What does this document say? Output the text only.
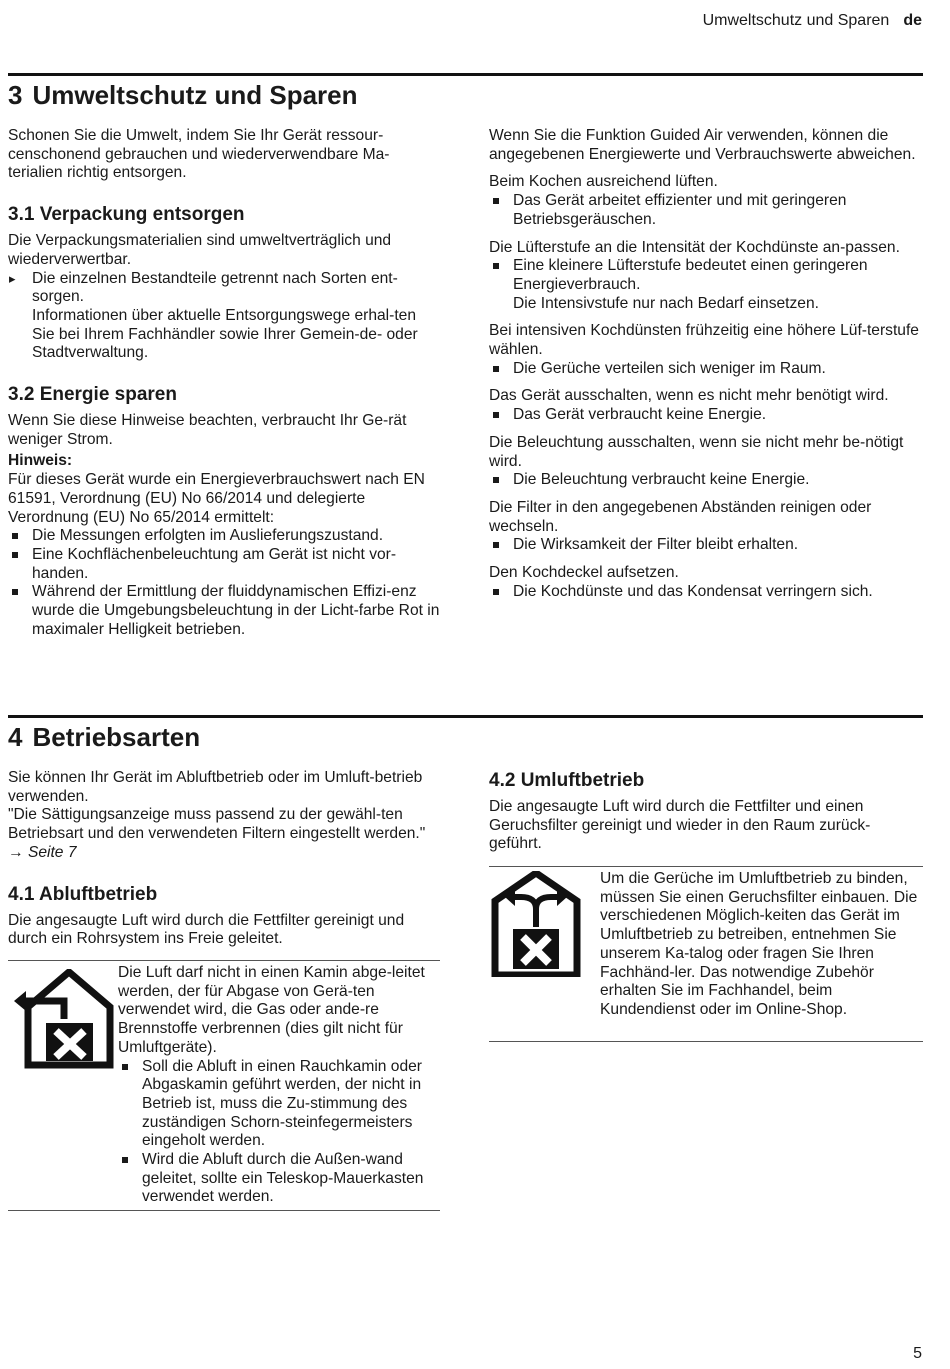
Umweltschutz und Sparen de
3 Umweltschutz und Sparen

Schonen Sie die Umwelt, indem Sie Ihr Gerät ressour-censchonend gebrauchen und wiederverwendbare Ma-terialien richtig entsorgen.

3.1 Verpackung entsorgen

Die Verpackungsmaterialien sind umweltverträglich und wiederverwertbar.

▸ Die einzelnen Bestandteile getrennt nach Sorten ent-sorgen.
Informationen über aktuelle Entsorgungswege erhal-ten Sie bei Ihrem Fachhändler sowie Ihrer Gemein-de- oder Stadtverwaltung.
3.2 Energie sparen

Wenn Sie diese Hinweise beachten, verbraucht Ihr Ge-rät weniger Strom.

Hinweis:

Für dieses Gerät wurde ein Energieverbrauchswert nach EN 61591, Verordnung (EU) No 66/2014 und delegierte Verordnung (EU) No 65/2014 ermittelt:

Die Messungen erfolgten im Auslieferungszustand.
Eine Kochflächenbeleuchtung am Gerät ist nicht vor-handen.
Während der Ermittlung der fluiddynamischen Effizi-enz wurde die Umgebungsbeleuchtung in der Licht-farbe Rot in maximaler Helligkeit betrieben.

Wenn Sie die Funktion Guided Air verwenden, können die angegebenen Energiewerte und Verbrauchswerte abweichen.

Beim Kochen ausreichend lüften.

Das Gerät arbeitet effizienter und mit geringeren Betriebsgeräuschen.

Die Lüfterstufe an die Intensität der Kochdünste an-passen.

Eine kleinere Lüfterstufe bedeutet einen geringeren Energieverbrauch.
Die Intensivstufe nur nach Bedarf einsetzen.

Bei intensiven Kochdünsten frühzeitig eine höhere Lüf-terstufe wählen.

Die Gerüche verteilen sich weniger im Raum.

Das Gerät ausschalten, wenn es nicht mehr benötigt wird.

Das Gerät verbraucht keine Energie.

Die Beleuchtung ausschalten, wenn sie nicht mehr be-nötigt wird.

Die Beleuchtung verbraucht keine Energie.

Die Filter in den angegebenen Abständen reinigen oder wechseln.

Die Wirksamkeit der Filter bleibt erhalten.

Den Kochdeckel aufsetzen.

Die Kochdünste und das Kondensat verringern sich.
4 Betriebsarten

Sie können Ihr Gerät im Abluftbetrieb oder im Umluft-betrieb verwenden.

"Die Sättigungsanzeige muss passend zu der gewähl-ten Betriebsart und den verwendeten Filtern eingestellt werden." → Seite 7

4.1 Abluftbetrieb

Die angesaugte Luft wird durch die Fettfilter gereinigt und durch ein Rohrsystem ins Freie geleitet.

Die Luft darf nicht in einen Kamin abge-leitet werden, der für Abgase von Gerä-ten verwendet wird, die Gas oder ande-re Brennstoffe verbrennen (dies gilt nicht für Umluftgeräte).

Soll die Abluft in einen Rauchkamin oder Abgaskamin geführt werden, der nicht in Betrieb ist, muss die Zu-stimmung des zuständigen Schorn-steinfegermeisters eingeholt werden.
Wird die Abluft durch die Außen-wand geleitet, sollte ein Teleskop-Mauerkasten verwendet werden.
4.2 Umluftbetrieb

Die angesaugte Luft wird durch die Fettfilter und einen Geruchsfilter gereinigt und wieder in den Raum zurück-geführt.

Um die Gerüche im Umluftbetrieb zu binden, müssen Sie einen Geruchsfilter einbauen. Die verschiedenen Möglich-keiten das Gerät im Umluftbetrieb zu betreiben, entnehmen Sie unserem Ka-talog oder fragen Sie Ihren Fachhänd-ler. Das notwendige Zubehör erhalten Sie im Fachhandel, beim Kundendienst oder im Online-Shop.

5
